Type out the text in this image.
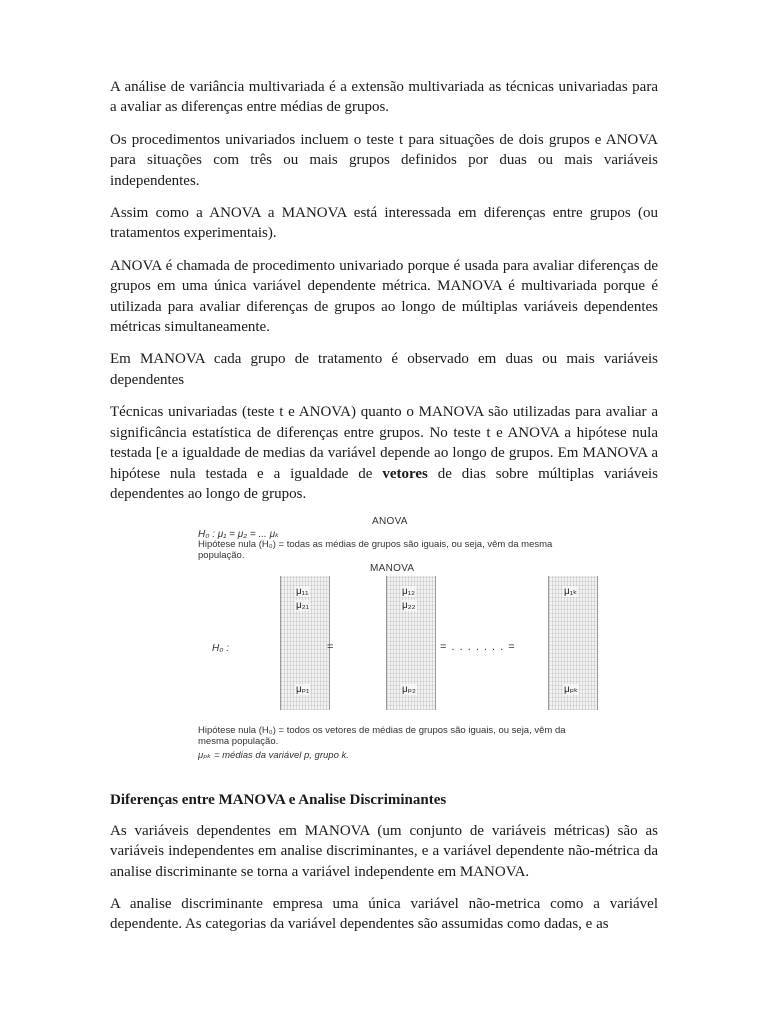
A análise de variância multivariada é a extensão multivariada as técnicas univariadas para a avaliar as diferenças entre médias de grupos.

Os procedimentos univariados incluem o teste t para situações de dois grupos e ANOVA para situações com três ou mais grupos definidos por duas ou mais variáveis independentes.

Assim como a ANOVA a MANOVA está interessada em diferenças entre grupos (ou tratamentos experimentais).

ANOVA é chamada de procedimento univariado porque é usada para avaliar diferenças de grupos em uma única variável dependente métrica. MANOVA é multivariada porque é utilizada para avaliar diferenças de grupos ao longo de múltiplas variáveis dependentes métricas simultaneamente.

Em MANOVA cada grupo de tratamento é observado em duas ou mais variáveis dependentes

Técnicas univariadas (teste t e ANOVA) quanto o MANOVA são utilizadas para avaliar a significância estatística de diferenças entre grupos. No teste t e ANOVA a hipótese nula testada [e a igualdade de medias da variável depende ao longo de grupos. Em MANOVA a hipótese nula testada e a igualdade de vetores de dias sobre múltiplas variáveis dependentes ao longo de grupos.

ANOVA
H₀ : μ₁ = μ₂ = ... μₖ
Hipótese nula (H₀) = todas as médias de grupos são iguais, ou seja, vêm da mesma população.
MANOVA
H₀ :
μ₁₁
μ₂₁
μₚ₁
=
μ₁₂
μ₂₂
μₚ₂
= . . . . . . . =
μ₁ₖ
μₚₖ
Hipótese nula (H₀) = todos os vetores de médias de grupos são iguais, ou seja, vêm da mesma população.
μₚₖ = médias da variável p, grupo k.
Diferenças entre MANOVA e Analise Discriminantes

As variáveis dependentes em MANOVA (um conjunto de variáveis métricas) são as variáveis independentes em analise discriminantes, e a variável dependente não-métrica da analise discriminante se torna a variável independente em MANOVA.

A analise discriminante empresa uma única variável não-metrica como a variável dependente. As categorias da variável dependentes são assumidas como dadas, e as
